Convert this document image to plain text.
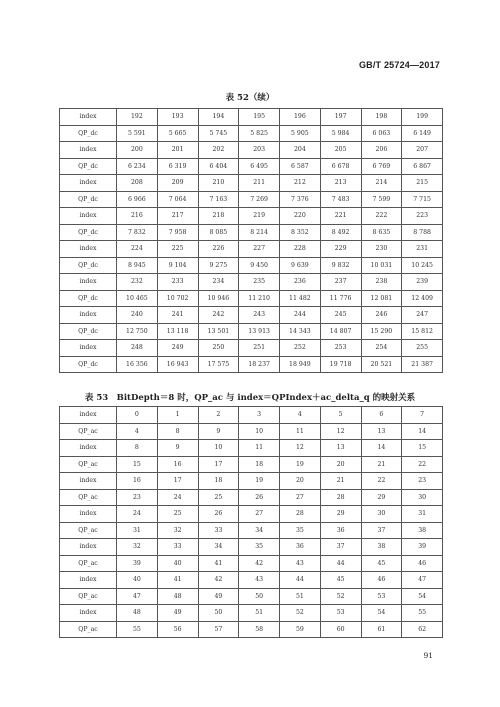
GB/T 25724—2017
表 52（续）
index	192	193	194	195	196	197	198	199
QP_dc	5 591	5 665	5 745	5 825	5 905	5 984	6 063	6 149
index	200	201	202	203	204	205	206	207
QP_dc	6 234	6 319	6 404	6 495	6 587	6 678	6 769	6 867
index	208	209	210	211	212	213	214	215
QP_dc	6 966	7 064	7 163	7 269	7 376	7 483	7 599	7 715
index	216	217	218	219	220	221	222	223
QP_dc	7 832	7 958	8 085	8 214	8 352	8 492	8 635	8 788
index	224	225	226	227	228	229	230	231
QP_dc	8 945	9 104	9 275	9 450	9 639	9 832	10 031	10 245
index	232	233	234	235	236	237	238	239
QP_dc	10 465	10 702	10 946	11 210	11 482	11 776	12 081	12 409
index	240	241	242	243	244	245	246	247
QP_dc	12 750	13 118	13 501	13 913	14 343	14 807	15 290	15 812
index	248	249	250	251	252	253	254	255
QP_dc	16 356	16 943	17 575	18 237	18 949	19 718	20 521	21 387
表 53　BitDepth＝8 时，QP_ac 与 index＝QPIndex＋ac_delta_q 的映射关系
index	0	1	2	3	4	5	6	7
QP_ac	4	8	9	10	11	12	13	14
index	8	9	10	11	12	13	14	15
QP_ac	15	16	17	18	19	20	21	22
index	16	17	18	19	20	21	22	23
QP_ac	23	24	25	26	27	28	29	30
index	24	25	26	27	28	29	30	31
QP_ac	31	32	33	34	35	36	37	38
index	32	33	34	35	36	37	38	39
QP_ac	39	40	41	42	43	44	45	46
index	40	41	42	43	44	45	46	47
QP_ac	47	48	49	50	51	52	53	54
index	48	49	50	51	52	53	54	55
QP_ac	55	56	57	58	59	60	61	62
91
